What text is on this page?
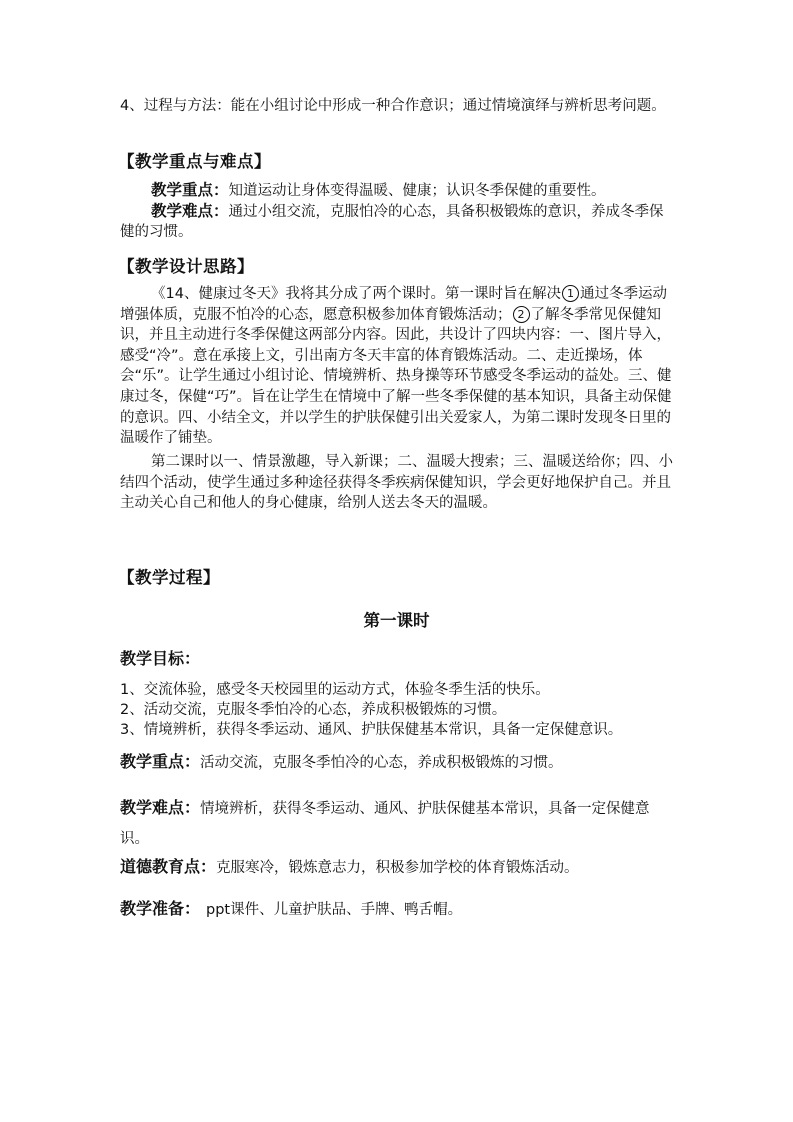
4、过程与方法：能在小组讨论中形成一种合作意识；通过情境演绎与辨析思考问题。

【教学重点与难点】

教学重点：知道运动让身体变得温暖、健康；认识冬季保健的重要性。

教学难点：通过小组交流，克服怕冷的心态，具备积极锻炼的意识，养成冬季保健的习惯。

【教学设计思路】

《14、健康过冬天》我将其分成了两个课时。第一课时旨在解决 1 通过冬季运动增强体质，克服不怕冷的心态，愿意积极参加体育锻炼活动； 2 了解冬季常见保健知识，并且主动进行冬季保健这两部分内容。因此，共设计了四块内容：一、图片导入，感受“冷”。意在承接上文，引出南方冬天丰富的体育锻炼活动。二、走近操场，体会“乐”。让学生通过小组讨论、情境辨析、热身操等环节感受冬季运动的益处。三、健康过冬，保健“巧”。旨在让学生在情境中了解一些冬季保健的基本知识，具备主动保健的意识。四、小结全文，并以学生的护肤保健引出关爱家人，为第二课时发现冬日里的温暖作了铺垫。

第二课时以一、情景激趣，导入新课；二、温暖大搜索；三、温暖送给你；四、小结四个活动，使学生通过多种途径获得冬季疾病保健知识，学会更好地保护自己。并且主动关心自己和他人的身心健康，给别人送去冬天的温暖。

【教学过程】
第一课时

教学目标：

1、交流体验，感受冬天校园里的运动方式，体验冬季生活的快乐。

2、活动交流，克服冬季怕冷的心态，养成积极锻炼的习惯。

3、情境辨析，获得冬季运动、通风、护肤保健基本常识，具备一定保健意识。

教学重点：活动交流，克服冬季怕冷的心态，养成积极锻炼的习惯。

教学难点：情境辨析，获得冬季运动、通风、护肤保健基本常识，具备一定保健意识。

道德教育点：克服寒冷，锻炼意志力，积极参加学校的体育锻炼活动。

教学准备： ppt课件、儿童护肤品、手牌、鸭舌帽。
